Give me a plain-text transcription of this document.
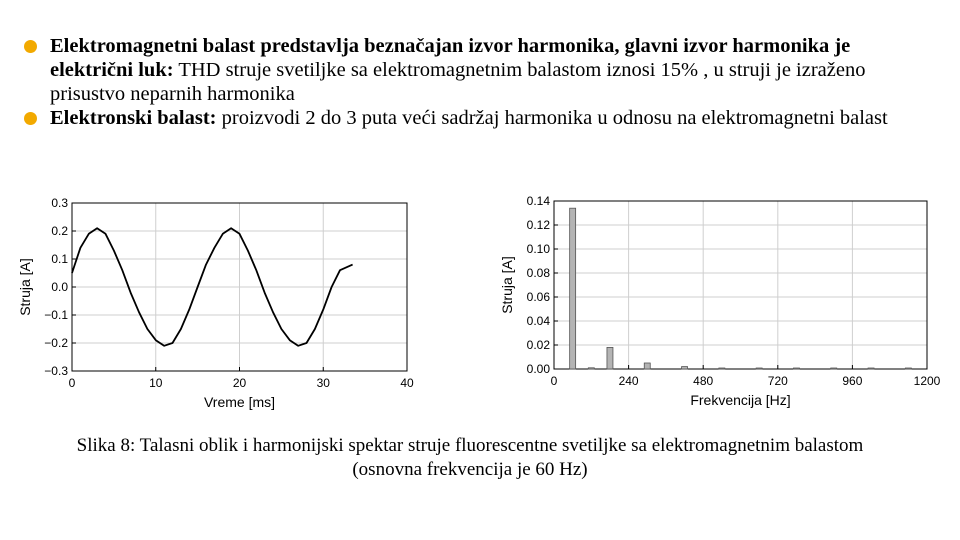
Elektromagnetni balast predstavlja beznačajan izvor harmonika, glavni izvor harmonika je električni luk: THD struje svetiljke sa elektromagnetnim balastom iznosi 15% , u struji je izraženo prisustvo neparnih harmonika
Elektronski balast: proizvodi 2 do 3 puta veći sadržaj harmonika u odnosu na elektromagnetni balast
0	10	20	30	40
0.3
0.2
0.1
0.0
−0.1
−0.2
−0.3
Vreme [ms]
Struja [A]
0	240	480	720	960	1200
0.14
0.12
0.10
0.08
0.06
0.04
0.02
0.00
Frekvencija [Hz]
Struja [A]
Slika 8: Talasni oblik i harmonijski spektar struje fluorescentne svetiljke sa elektromagnetnim balastom (osnovna frekvencija je 60 Hz)
